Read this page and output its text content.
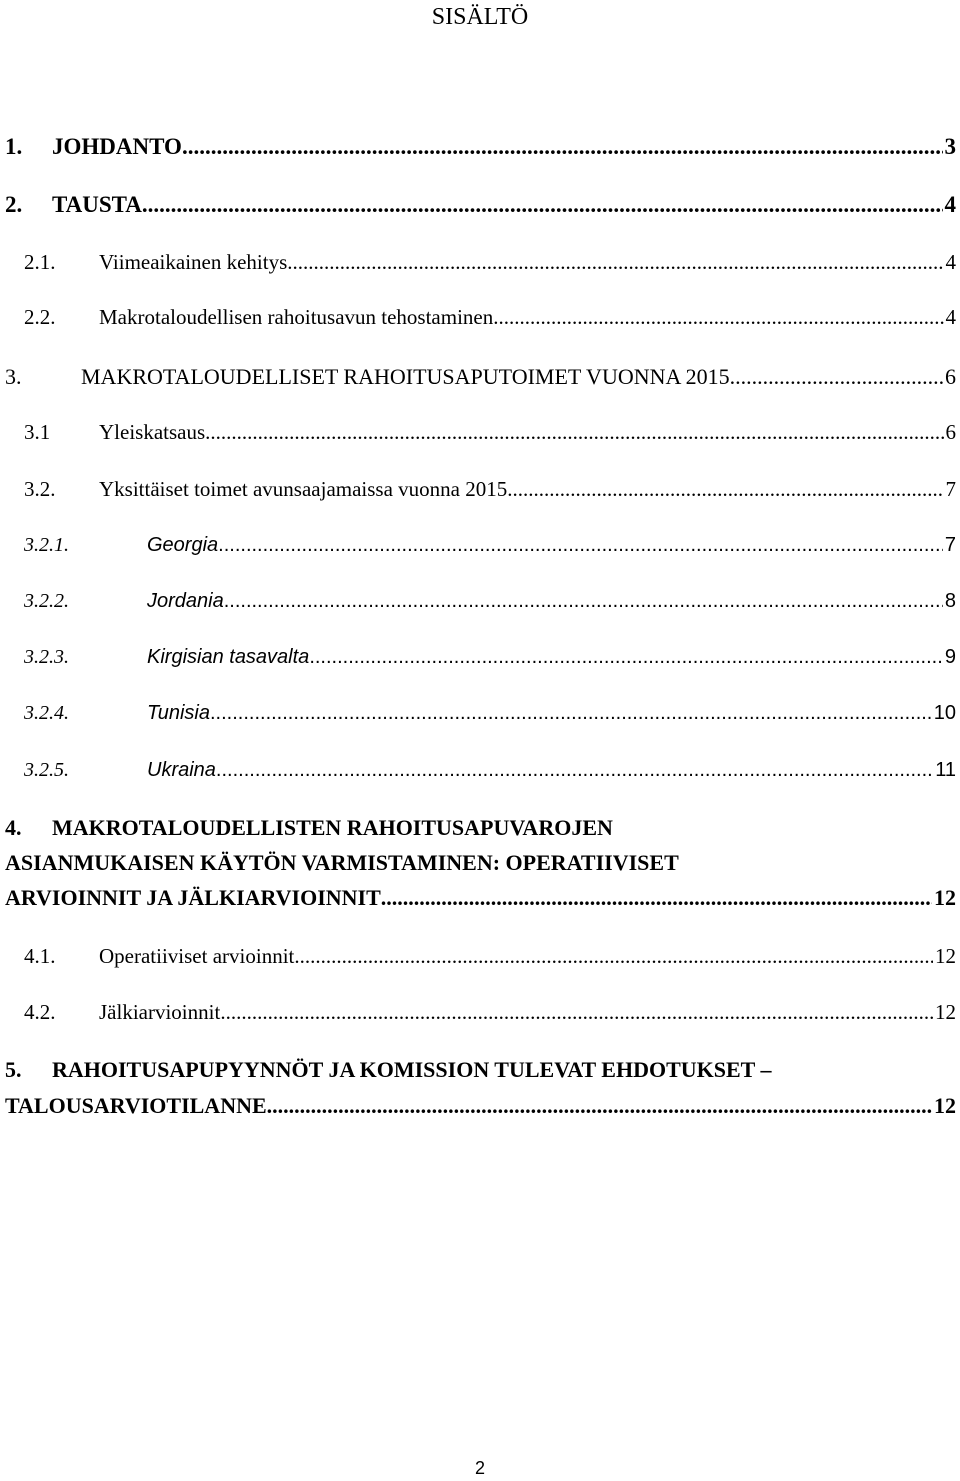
SISÄLTÖ
1. JOHDANTO .....	3
2. TAUSTA .....	4
2.1. Viimeaikainen kehitys .....	4
2.2. Makrotaloudellisen rahoitusavun tehostaminen .....	4
3.	MAKROTALOUDELLISET RAHOITUSAPUTOIMET VUONNA 2015 .....	6
3.1 Yleiskatsaus .....	6
3.2. Yksittäiset toimet avunsaajamaissa vuonna 2015 .....	7
3.2.1.	Georgia .....	7
3.2.2.	Jordania .....	8
3.2.3.	Kirgisian tasavalta .....	9
3.2.4.	Tunisia .....	10
3.2.5.	Ukraina .....	11
4. MAKROTALOUDELLISTEN RAHOITUSAPUVAROJEN
ASIANMUKAISEN KÄYTÖN VARMISTAMINEN: OPERATIIVISET
ARVIOINNIT JA JÄLKIARVIOINNIT .....	12
4.1. Operatiiviset arvioinnit .....	12
4.2. Jälkiarvioinnit .....	12
5. RAHOITUSAPUPYYNNÖT JA KOMISSION TULEVAT EHDOTUKSET –
TALOUSARVIOTILANNE .....	12
2
